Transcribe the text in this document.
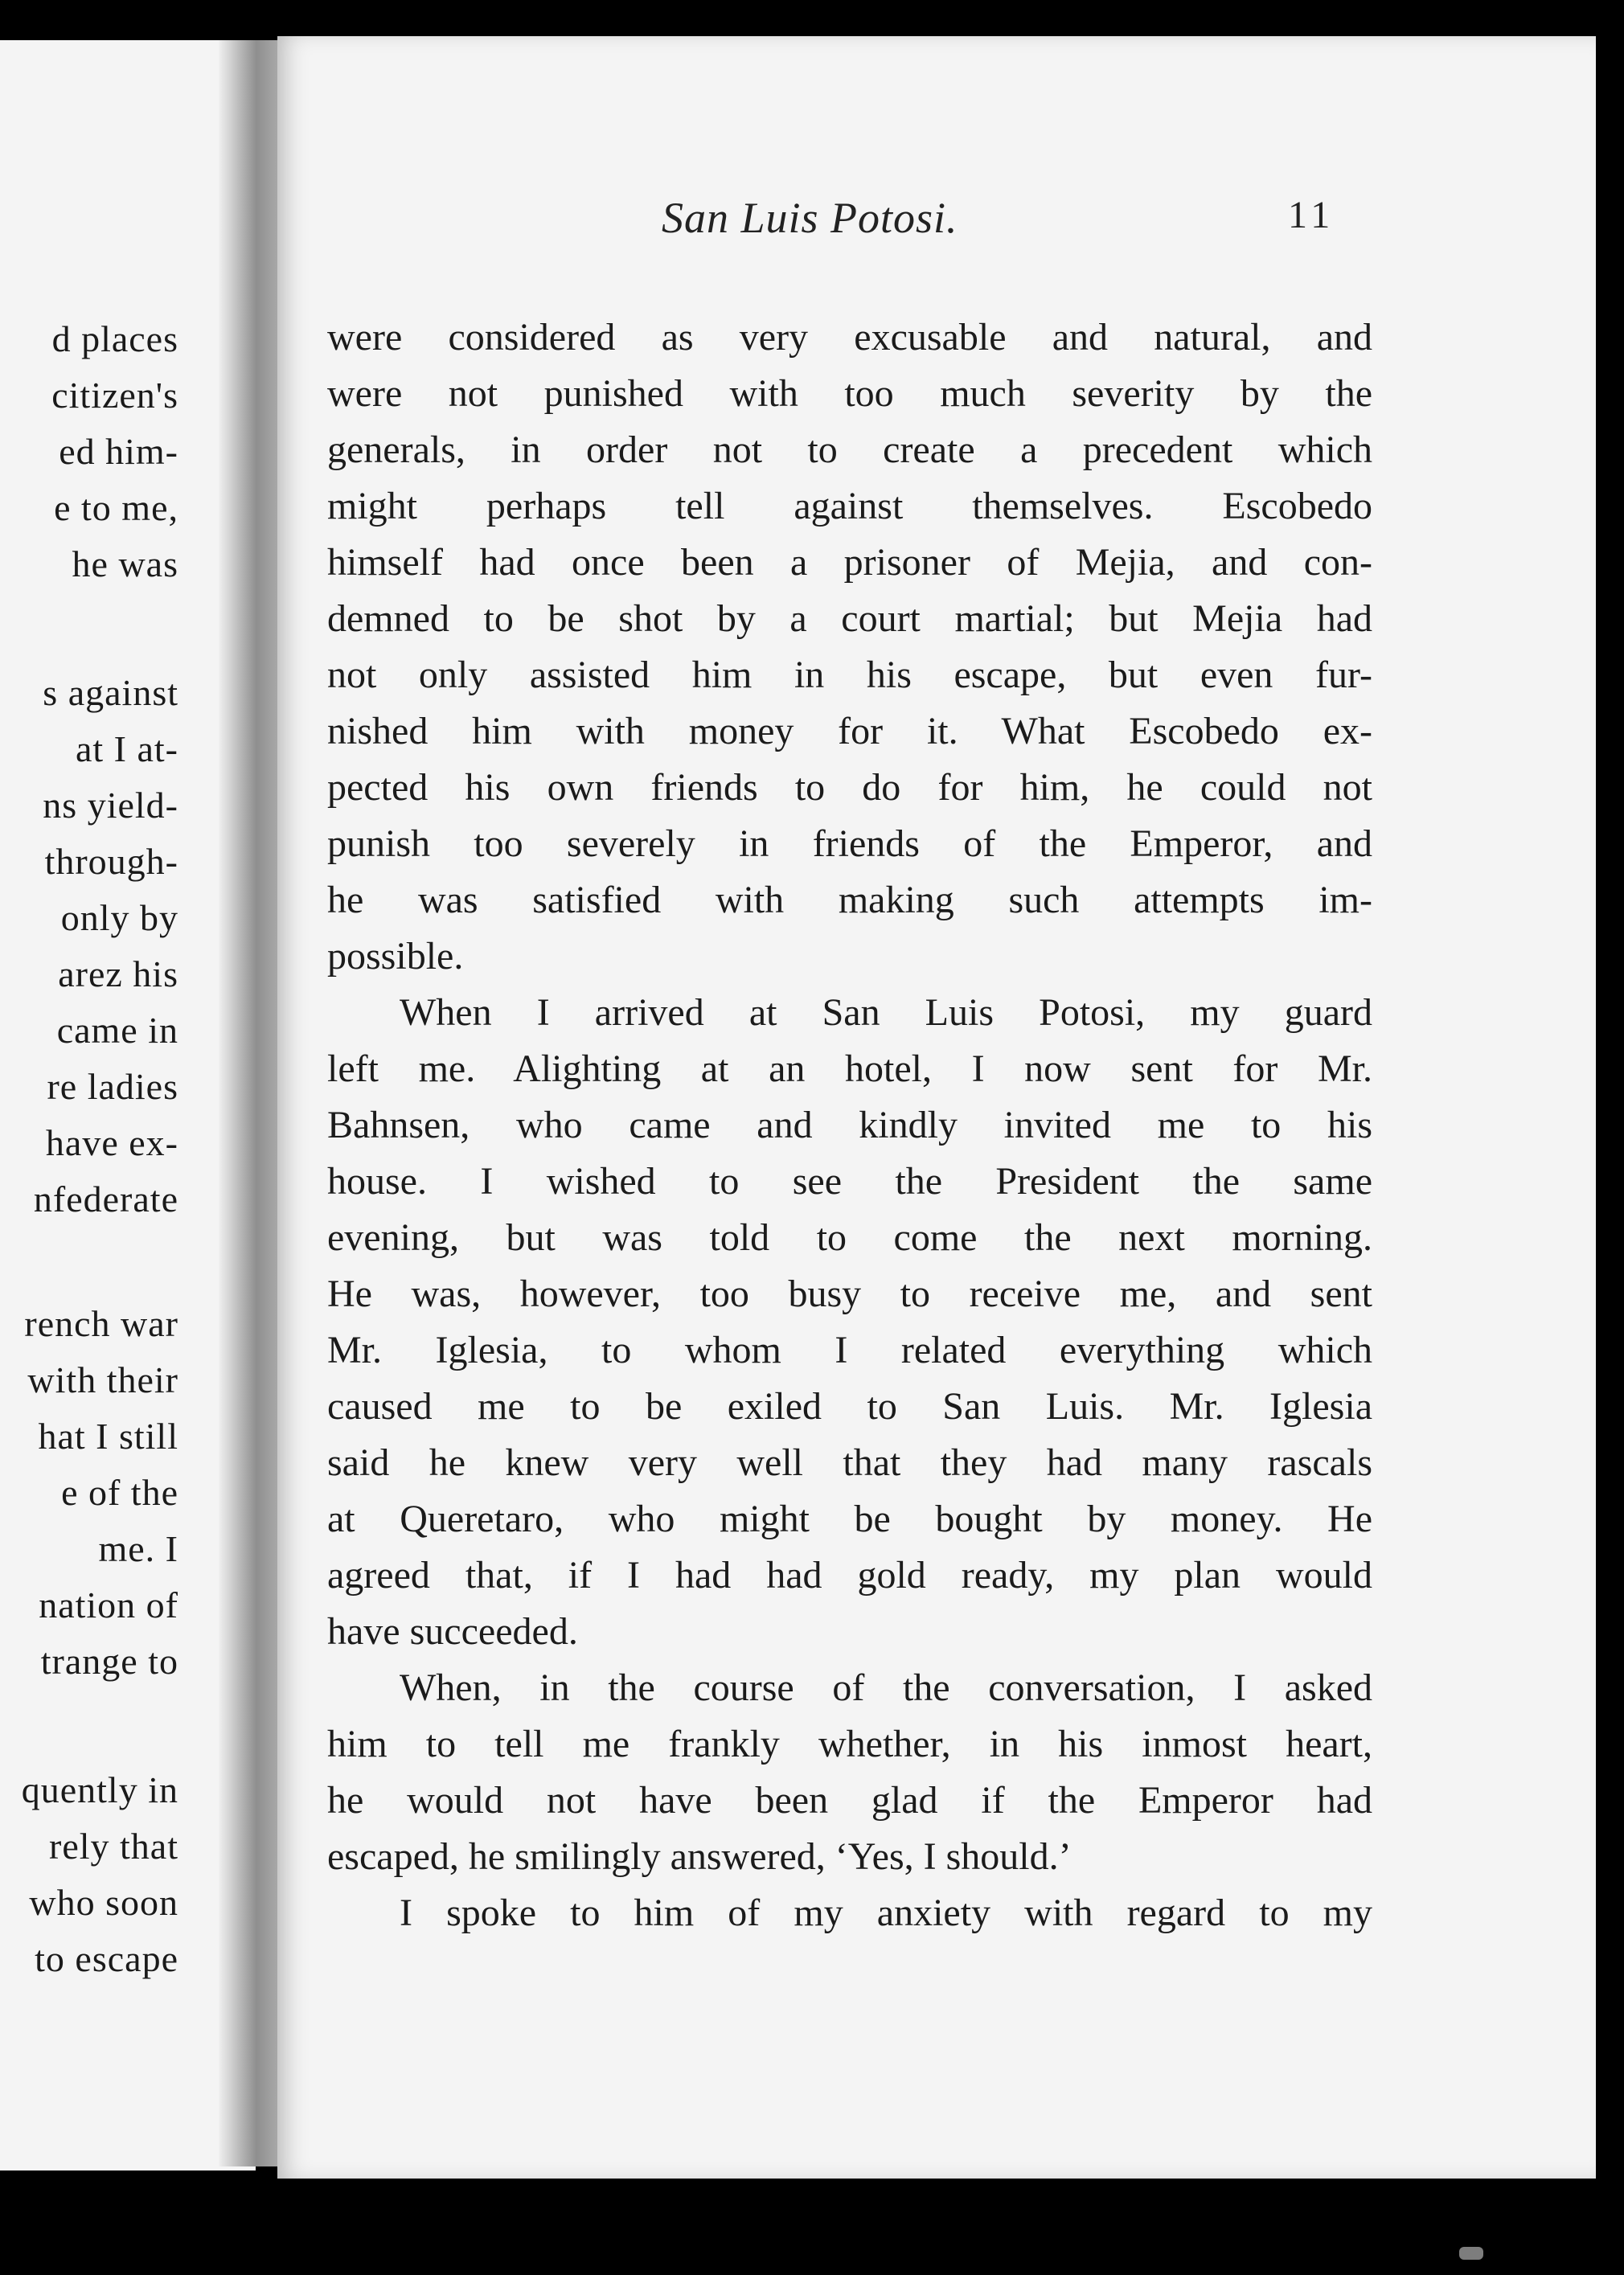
d places
citizen's
ed him-
e to me,
he was
s against
at I at-
ns yield-
through-
only by
arez his
came in
re ladies
have ex-
nfederate
rench war
with their
hat I still
e of the
me. I
nation of
trange to
quently in
rely that
who soon
to escape
San Luis Potosi.	11
were considered as very excusable and natural, and
were not punished with too much severity by the
generals, in order not to create a precedent which
might perhaps tell against themselves. Escobedo
himself had once been a prisoner of Mejia, and con-
demned to be shot by a court martial; but Mejia had
not only assisted him in his escape, but even fur-
nished him with money for it. What Escobedo ex-
pected his own friends to do for him, he could not
punish too severely in friends of the Emperor, and
he was satisfied with making such attempts im-
possible.
When I arrived at San Luis Potosi, my guard
left me. Alighting at an hotel, I now sent for Mr.
Bahnsen, who came and kindly invited me to his
house. I wished to see the President the same
evening, but was told to come the next morning.
He was, however, too busy to receive me, and sent
Mr. Iglesia, to whom I related everything which
caused me to be exiled to San Luis. Mr. Iglesia
said he knew very well that they had many rascals
at Queretaro, who might be bought by money. He
agreed that, if I had had gold ready, my plan would
have succeeded.
When, in the course of the conversation, I asked
him to tell me frankly whether, in his inmost heart,
he would not have been glad if the Emperor had
escaped, he smilingly answered, ‘Yes, I should.’
I spoke to him of my anxiety with regard to my
